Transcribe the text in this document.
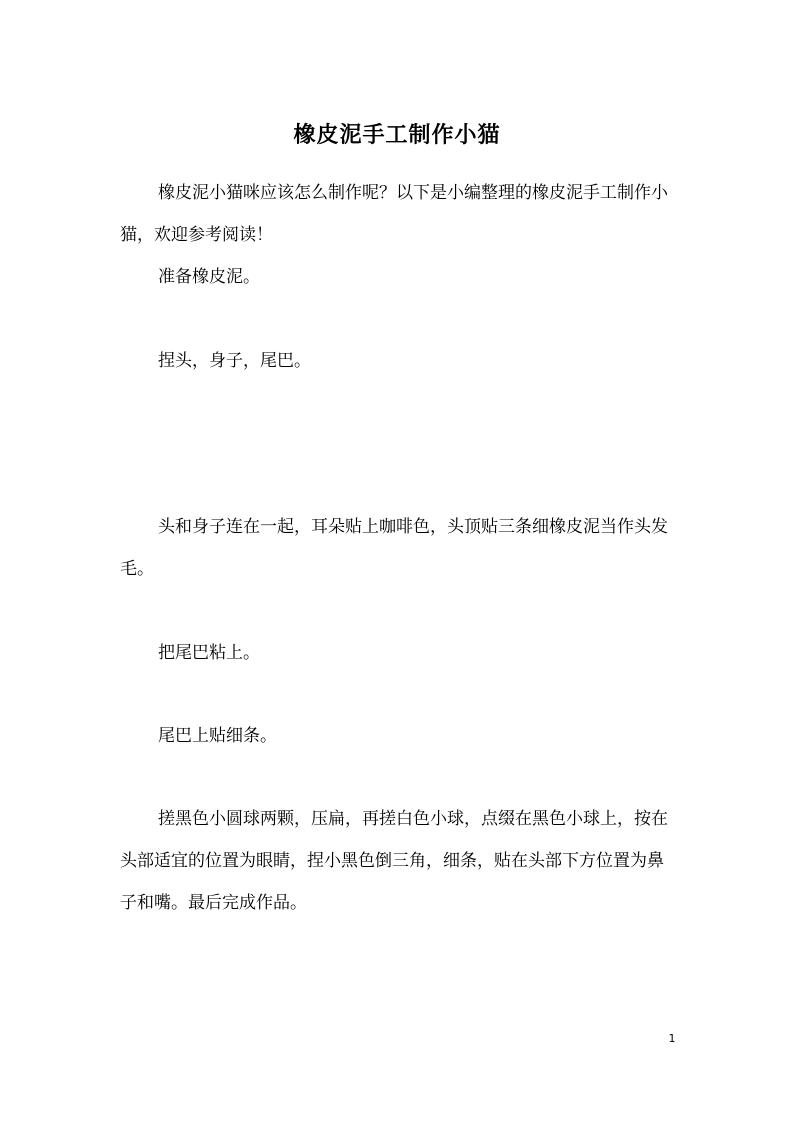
橡皮泥手工制作小猫

橡皮泥小猫咪应该怎么制作呢？以下是小编整理的橡皮泥手工制作小猫，欢迎参考阅读！

准备橡皮泥。

捏头，身子，尾巴。

头和身子连在一起，耳朵贴上咖啡色，头顶贴三条细橡皮泥当作头发毛。

把尾巴粘上。

尾巴上贴细条。

搓黑色小圆球两颗，压扁，再搓白色小球，点缀在黑色小球上，按在头部适宜的位置为眼睛，捏小黑色倒三角，细条，贴在头部下方位置为鼻子和嘴。最后完成作品。

1
